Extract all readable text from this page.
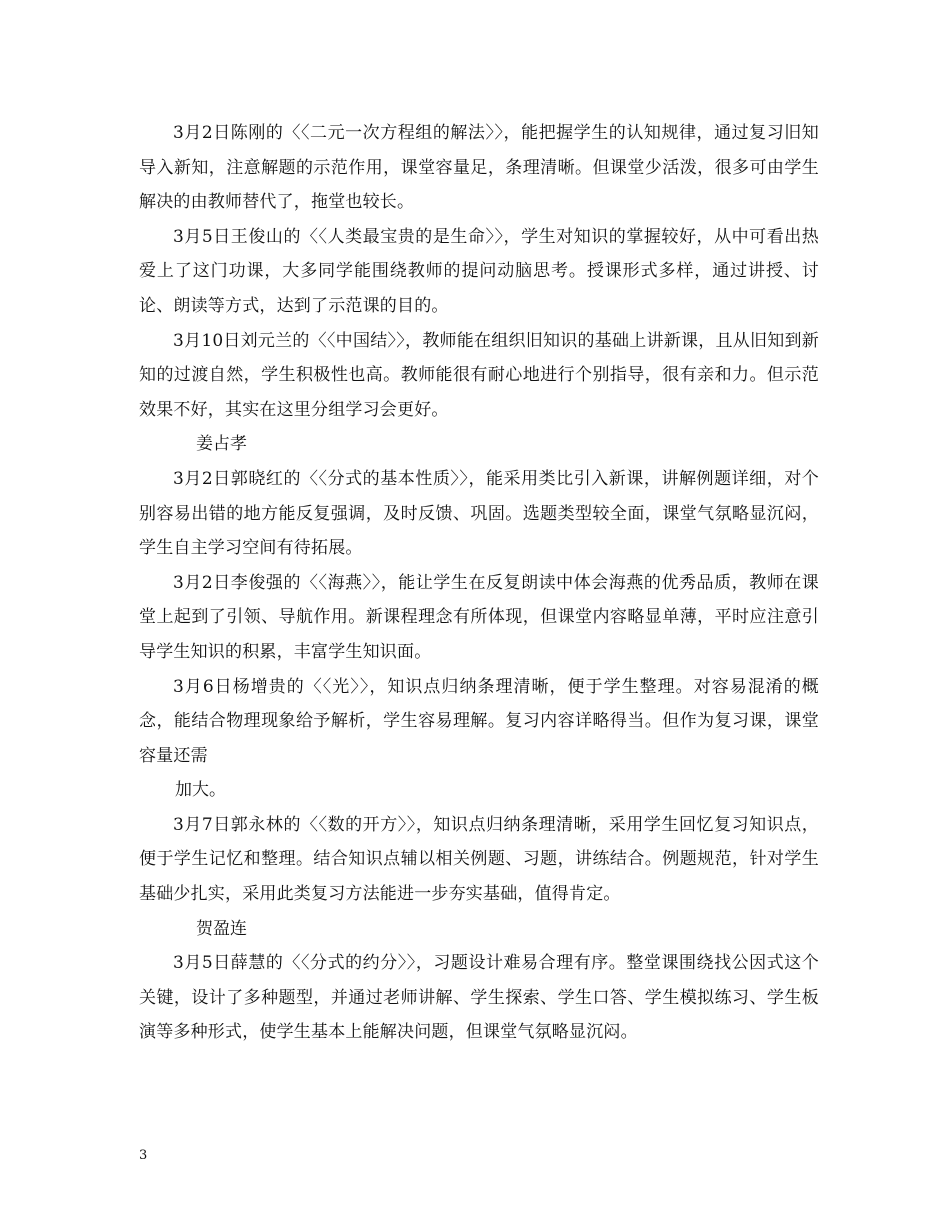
3月2日陈刚的〈〈二元一次方程组的解法〉〉，能把握学生的认知规律，通过复习旧知导入新知，注意解题的示范作用，课堂容量足，条理清晰。但课堂少活泼，很多可由学生解决的由教师替代了，拖堂也较长。

3月5日王俊山的〈〈人类最宝贵的是生命〉〉，学生对知识的掌握较好，从中可看出热爱上了这门功课，大多同学能围绕教师的提问动脑思考。授课形式多样，通过讲授、讨论、朗读等方式，达到了示范课的目的。

3月10日刘元兰的〈〈中国结〉〉，教师能在组织旧知识的基础上讲新课，且从旧知到新知的过渡自然，学生积极性也高。教师能很有耐心地进行个别指导，很有亲和力。但示范效果不好，其实在这里分组学习会更好。

姜占孝

3月2日郭晓红的〈〈分式的基本性质〉〉，能采用类比引入新课，讲解例题详细，对个别容易出错的地方能反复强调，及时反馈、巩固。选题类型较全面，课堂气氛略显沉闷，学生自主学习空间有待拓展。

3月2日李俊强的〈〈海燕〉〉，能让学生在反复朗读中体会海燕的优秀品质，教师在课堂上起到了引领、导航作用。新课程理念有所体现，但课堂内容略显单薄，平时应注意引导学生知识的积累，丰富学生知识面。

3月6日杨增贵的〈〈光〉〉，知识点归纳条理清晰，便于学生整理。对容易混淆的概念，能结合物理现象给予解析，学生容易理解。复习内容详略得当。但作为复习课，课堂容量还需

加大。

3月7日郭永林的〈〈数的开方〉〉，知识点归纳条理清晰，采用学生回忆复习知识点，便于学生记忆和整理。结合知识点辅以相关例题、习题，讲练结合。例题规范，针对学生基础少扎实，采用此类复习方法能进一步夯实基础，值得肯定。

贺盈连

3月5日薛慧的〈〈分式的约分〉〉，习题设计难易合理有序。整堂课围绕找公因式这个关键，设计了多种题型，并通过老师讲解、学生探索、学生口答、学生模拟练习、学生板演等多种形式，使学生基本上能解决问题，但课堂气氛略显沉闷。

3
